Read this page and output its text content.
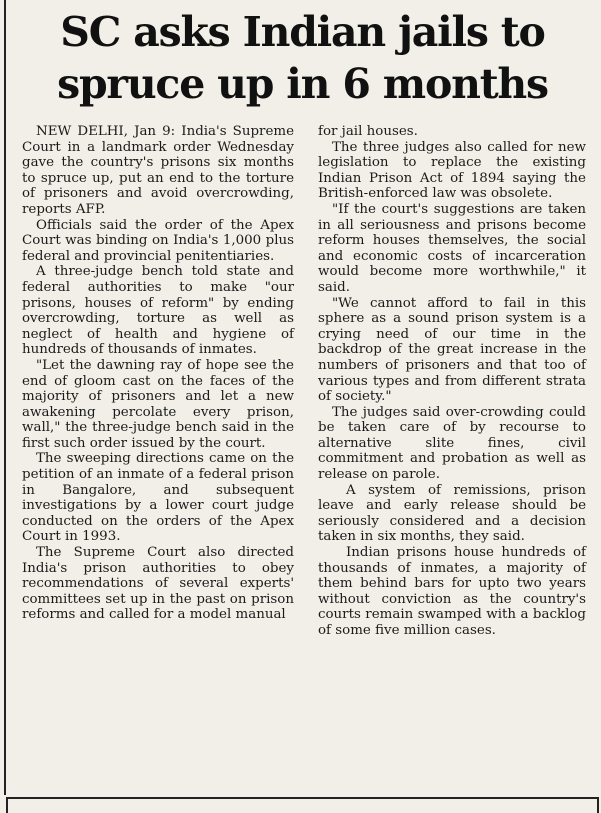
SC asks Indian jails to
spruce up in 6 months

NEW DELHI, Jan 9: India's Supreme Court in a landmark order Wednesday gave the country's prisons six months to spruce up, put an end to the torture of prisoners and avoid overcrowding, reports AFP.

Officials said the order of the Apex Court was binding on India's 1,000 plus federal and provincial penitentiaries.

A three-judge bench told state and federal authorities to make "our prisons, houses of reform" by ending overcrowding, torture as well as neglect of health and hygiene of hundreds of thousands of inmates.

"Let the dawning ray of hope see the end of gloom cast on the faces of the majority of prisoners and let a new awakening percolate every prison, wall," the three-judge bench said in the first such order issued by the court.

The sweeping directions came on the petition of an inmate of a federal prison in Bangalore, and subsequent investigations by a lower court judge conducted on the orders of the Apex Court in 1993.

The Supreme Court also directed India's prison authorities to obey recommendations of several experts' committees set up in the past on prison reforms and called for a model manual

for jail houses.

The three judges also called for new legislation to replace the existing Indian Prison Act of 1894 saying the British-enforced law was obsolete.

"If the court's suggestions are taken in all seriousness and prisons become reform houses themselves, the social and economic costs of incarceration would become more worthwhile," it said.

"We cannot afford to fail in this sphere as a sound prison system is a crying need of our time in the backdrop of the great increase in the numbers of prisoners and that too of various types and from different strata of society."

The judges said over-crowding could be taken care of by recourse to alternative slite fines, civil commitment and probation as well as release on parole.

A system of remissions, prison leave and early release should be seriously considered and a decision taken in six months, they said.

Indian prisons house hundreds of thousands of inmates, a majority of them behind bars for upto two years without conviction as the country's courts remain swamped with a backlog of some five million cases.
